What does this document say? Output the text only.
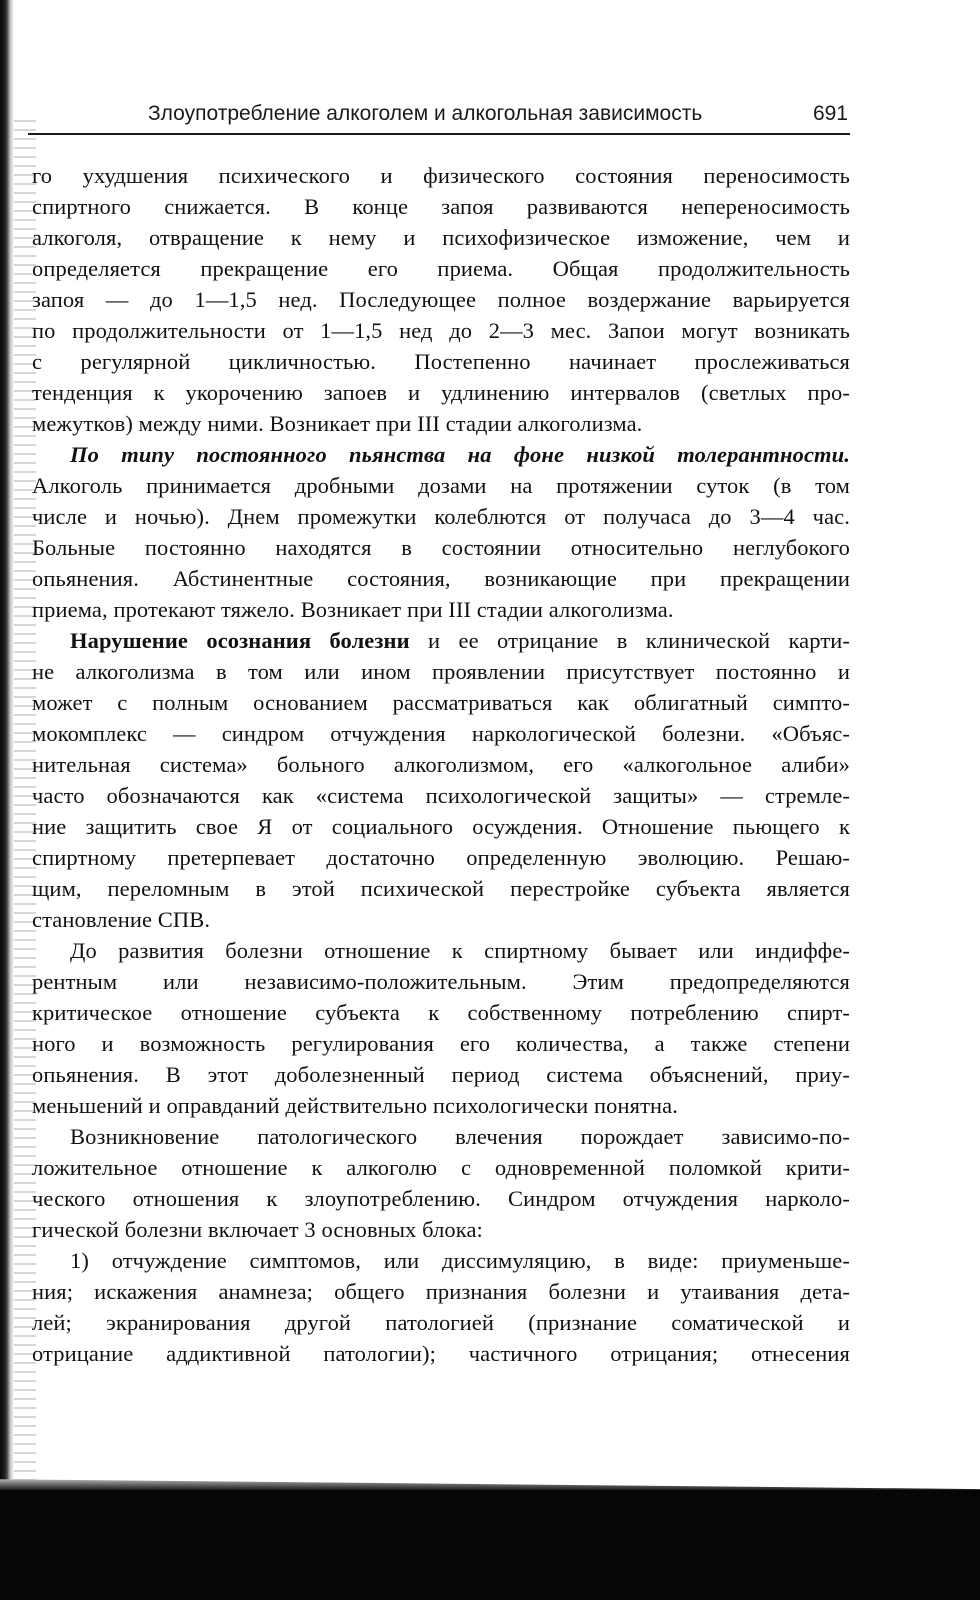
Злоупотребление алкоголем и алкогольная зависимость	691
го ухудшения психического и физического состояния переносимость
спиртного снижается. В конце запоя развиваются непереносимость
алкоголя, отвращение к нему и психофизическое изможение, чем и
определяется прекращение его приема. Общая продолжительность
запоя — до 1—1,5 нед. Последующее полное воздержание варьируется
по продолжительности от 1—1,5 нед до 2—3 мес. Запои могут возникать
с регулярной цикличностью. Постепенно начинает прослеживаться
тенденция к укорочению запоев и удлинению интервалов (светлых про-
межутков) между ними. Возникает при III стадии алкоголизма.
По типу постоянного пьянства на фоне низкой толерантности.
Алкоголь принимается дробными дозами на протяжении суток (в том
числе и ночью). Днем промежутки колеблются от получаса до 3—4 час.
Больные постоянно находятся в состоянии относительно неглубокого
опьянения. Абстинентные состояния, возникающие при прекращении
приема, протекают тяжело. Возникает при III стадии алкоголизма.
Нарушение осознания болезни и ее отрицание в клинической карти-
не алкоголизма в том или ином проявлении присутствует постоянно и
может с полным основанием рассматриваться как облигатный симпто-
мокомплекс — синдром отчуждения наркологической болезни. «Объяс-
нительная система» больного алкоголизмом, его «алкогольное алиби»
часто обозначаются как «система психологической защиты» — стремле-
ние защитить свое Я от социального осуждения. Отношение пьющего к
спиртному претерпевает достаточно определенную эволюцию. Решаю-
щим, переломным в этой психической перестройке субъекта является
становление СПВ.
До развития болезни отношение к спиртному бывает или индиффе-
рентным или независимо-положительным. Этим предопределяются
критическое отношение субъекта к собственному потреблению спирт-
ного и возможность регулирования его количества, а также степени
опьянения. В этот доболезненный период система объяснений, приу-
меньшений и оправданий действительно психологически понятна.
Возникновение патологического влечения порождает зависимо-по-
ложительное отношение к алкоголю с одновременной поломкой крити-
ческого отношения к злоупотреблению. Синдром отчуждения нарколо-
гической болезни включает 3 основных блока:
1) отчуждение симптомов, или диссимуляцию, в виде: приуменьше-
ния; искажения анамнеза; общего признания болезни и утаивания дета-
лей; экранирования другой патологией (признание соматической и
отрицание аддиктивной патологии); частичного отрицания; отнесения
